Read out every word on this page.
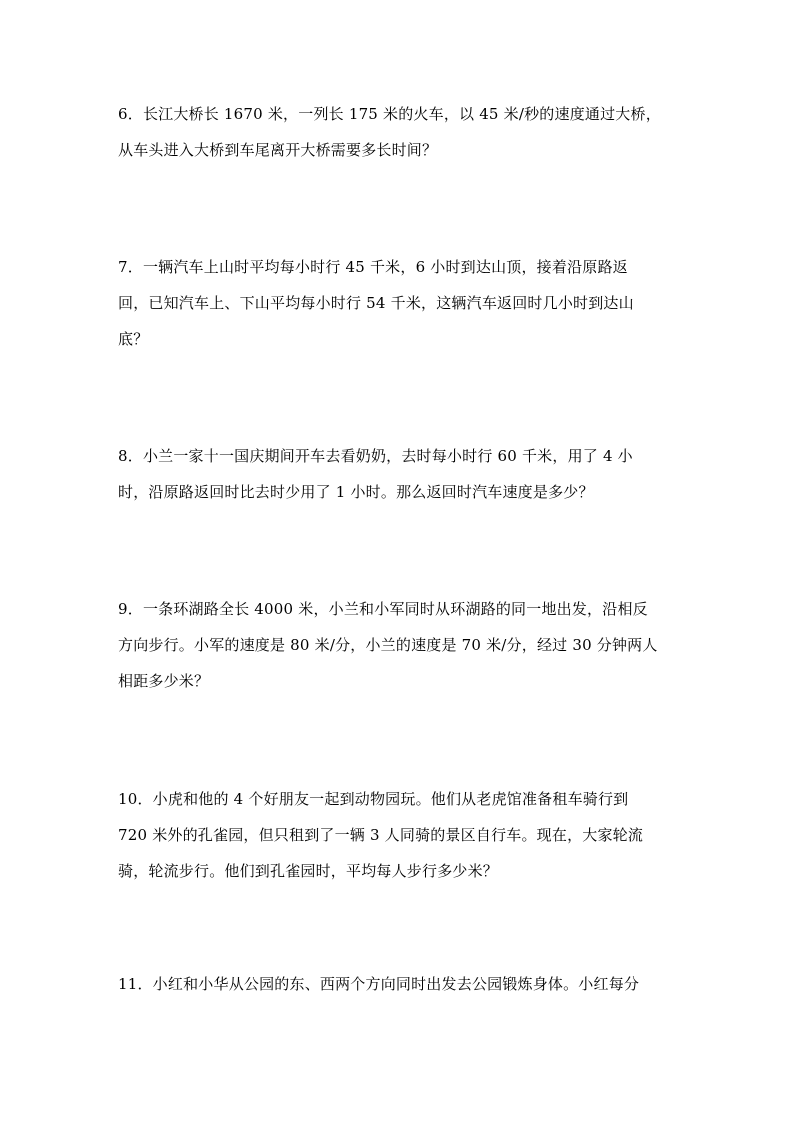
6．长江大桥长 1670 米，一列长 175 米的火车，以 45 米/秒的速度通过大桥，
从车头进入大桥到车尾离开大桥需要多长时间？
7．一辆汽车上山时平均每小时行 45 千米，6 小时到达山顶，接着沿原路返
回，已知汽车上、下山平均每小时行 54 千米，这辆汽车返回时几小时到达山
底？
8．小兰一家十一国庆期间开车去看奶奶，去时每小时行 60 千米，用了 4 小
时，沿原路返回时比去时少用了 1 小时。那么返回时汽车速度是多少？
9．一条环湖路全长 4000 米，小兰和小军同时从环湖路的同一地出发，沿相反
方向步行。小军的速度是 80 米/分，小兰的速度是 70 米/分，经过 30 分钟两人
相距多少米？
10．小虎和他的 4 个好朋友一起到动物园玩。他们从老虎馆准备租车骑行到
720 米外的孔雀园，但只租到了一辆 3 人同骑的景区自行车。现在，大家轮流
骑，轮流步行。他们到孔雀园时，平均每人步行多少米？
11．小红和小华从公园的东、西两个方向同时出发去公园锻炼身体。小红每分
